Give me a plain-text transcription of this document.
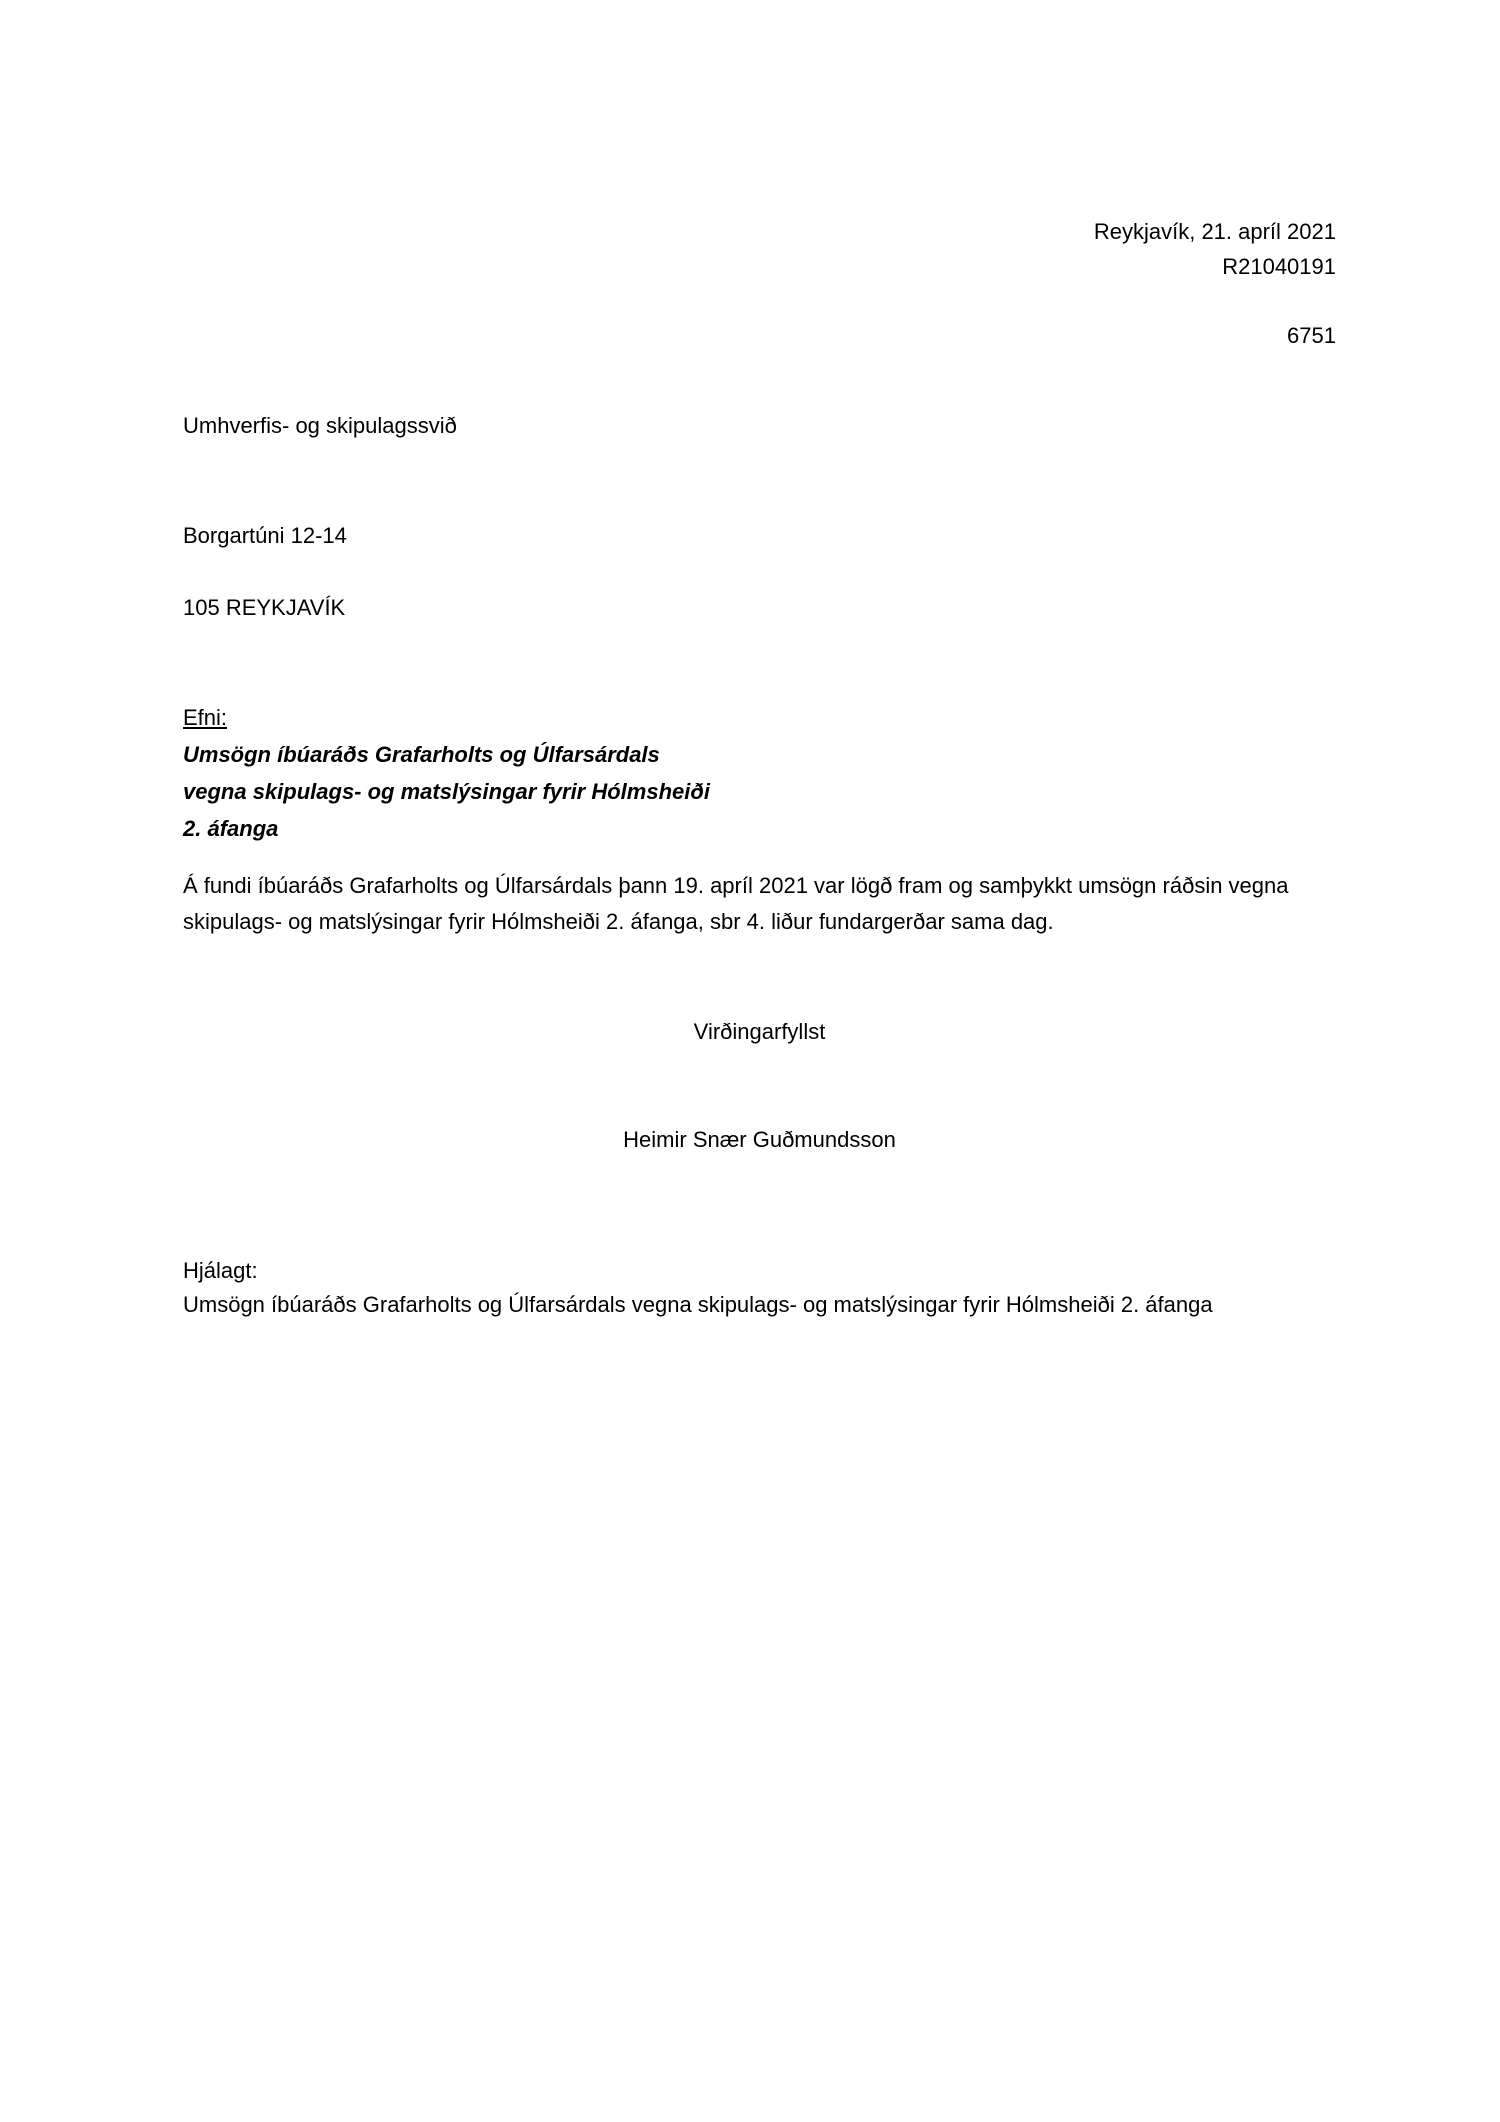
Reykjavík, 21. apríl 2021
R21040191
6751
Umhverfis- og skipulagssvið
Borgartúni 12-14
105 REYKJAVÍK
Efni:
Umsögn íbúaráðs Grafarholts og Úlfarsárdals
vegna skipulags- og matslýsingar fyrir Hólmsheiði
2. áfanga
Á fundi íbúaráðs Grafarholts og Úlfarsárdals þann 19. apríl 2021 var lögð fram og samþykkt umsögn ráðsin vegna skipulags- og matslýsingar fyrir Hólmsheiði 2. áfanga, sbr 4. liður fundargerðar sama dag.
Virðingarfyllst
Heimir Snær Guðmundsson
Hjálagt:
Umsögn íbúaráðs Grafarholts og Úlfarsárdals vegna skipulags- og matslýsingar fyrir Hólmsheiði 2. áfanga
